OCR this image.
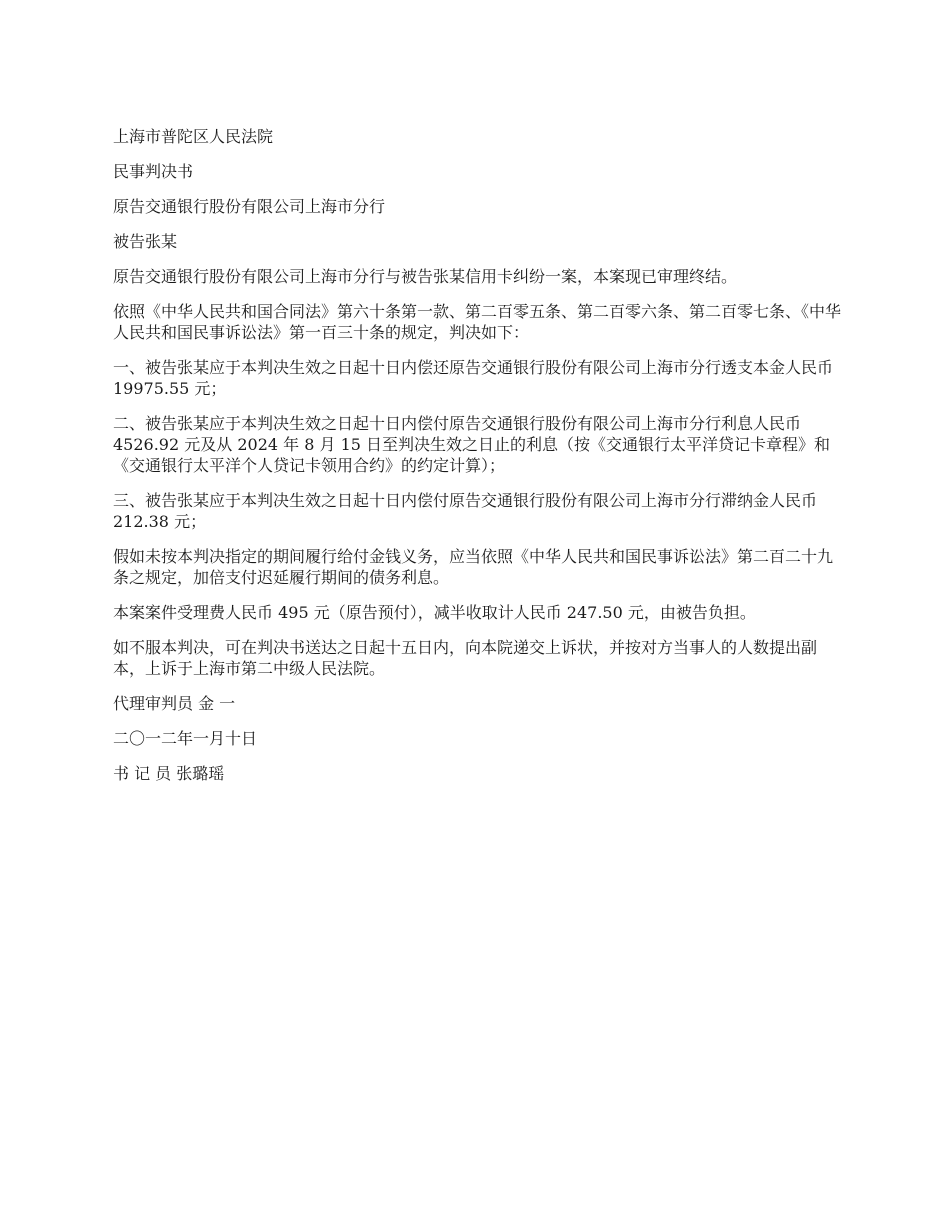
上海市普陀区人民法院

民事判决书

原告交通银行股份有限公司上海市分行

被告张某

原告交通银行股份有限公司上海市分行与被告张某信用卡纠纷一案，本案现已审理终结。

依照《中华人民共和国合同法》第六十条第一款、第二百零五条、第二百零六条、第二百零七条、《中华人民共和国民事诉讼法》第一百三十条的规定，判决如下：

一、被告张某应于本判决生效之日起十日内偿还原告交通银行股份有限公司上海市分行透支本金人民币 19975.55 元；

二、被告张某应于本判决生效之日起十日内偿付原告交通银行股份有限公司上海市分行利息人民币 4526.92 元及从 2024 年 8 月 15 日至判决生效之日止的利息（按《交通银行太平洋贷记卡章程》和《交通银行太平洋个人贷记卡领用合约》的约定计算）；

三、被告张某应于本判决生效之日起十日内偿付原告交通银行股份有限公司上海市分行滞纳金人民币 212.38 元；

假如未按本判决指定的期间履行给付金钱义务，应当依照《中华人民共和国民事诉讼法》第二百二十九条之规定，加倍支付迟延履行期间的债务利息。

本案案件受理费人民币 495 元（原告预付），减半收取计人民币 247.50 元，由被告负担。

如不服本判决，可在判决书送达之日起十五日内，向本院递交上诉状，并按对方当事人的人数提出副本，上诉于上海市第二中级人民法院。

代理审判员 金 一

二〇一二年一月十日

书 记 员 张璐瑶
